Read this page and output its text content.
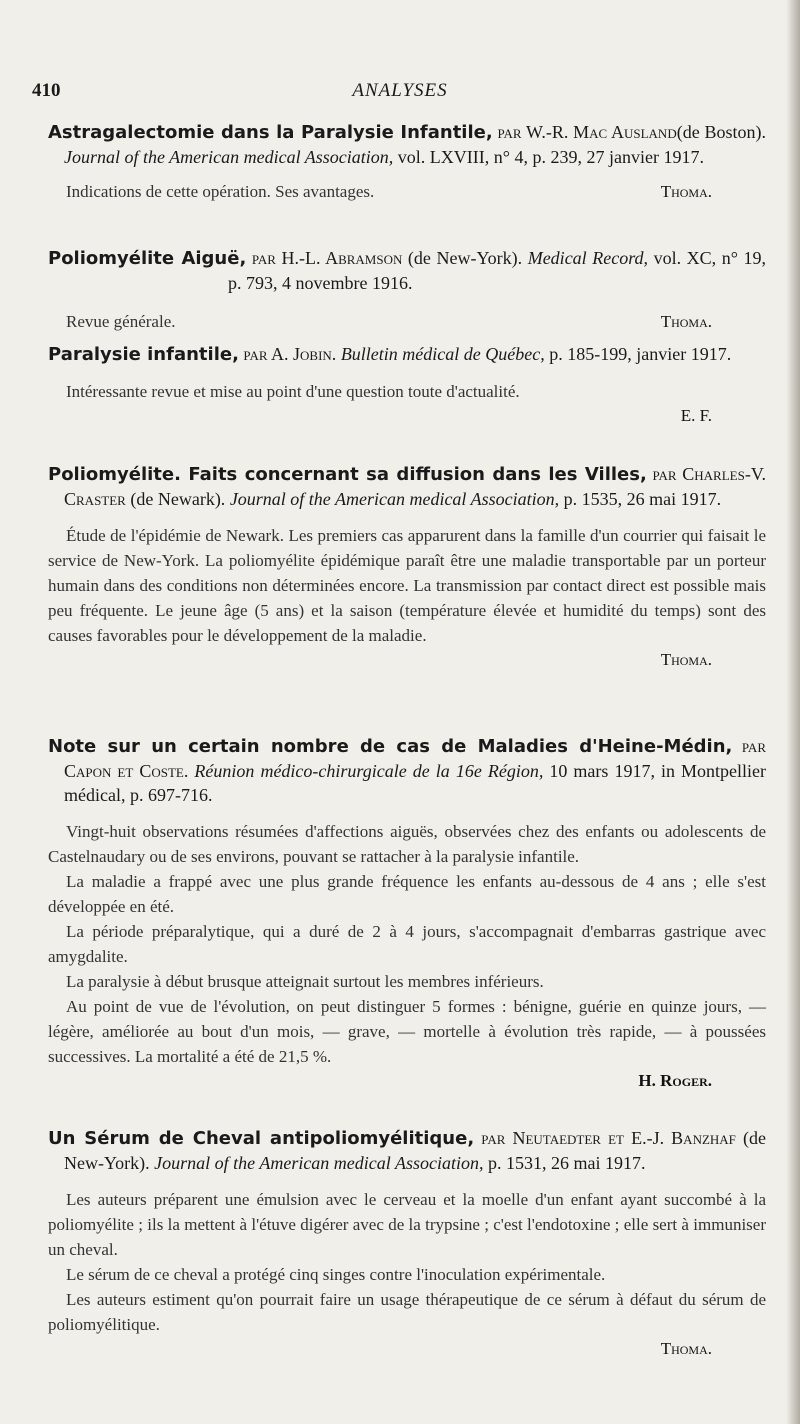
410	ANALYSES
Astragalectomie dans la Paralysie Infantile, par W.-R. Mac Ausland(de Boston). Journal of the American medical Association, vol. LXVIII, n° 4, p. 239, 27 janvier 1917.
Indications de cette opération. Ses avantages.	Thoma.
Poliomyélite Aiguë, par H.-L. Abramson (de New-York). Medical Record, vol. XC, n° 19, p. 793, 4 novembre 1916.
Revue générale.	Thoma.
Paralysie infantile, par A. Jobin. Bulletin médical de Québec, p. 185-199, janvier 1917.

Intéressante revue et mise au point d'une question toute d'actualité.

E. F.
Poliomyélite. Faits concernant sa diffusion dans les Villes, par Charles-V. Craster (de Newark). Journal of the American medical Association, p. 1535, 26 mai 1917.

Étude de l'épidémie de Newark. Les premiers cas apparurent dans la famille d'un courrier qui faisait le service de New-York. La poliomyélite épidémique paraît être une maladie transportable par un porteur humain dans des conditions non déterminées encore. La transmission par contact direct est possible mais peu fréquente. Le jeune âge (5 ans) et la saison (température élevée et humidité du temps) sont des causes favorables pour le développement de la maladie.

Thoma.
Note sur un certain nombre de cas de Maladies d'Heine-Médin, par Capon et Coste. Réunion médico-chirurgicale de la 16e Région, 10 mars 1917, in Montpellier médical, p. 697-716.

Vingt-huit observations résumées d'affections aiguës, observées chez des enfants ou adolescents de Castelnaudary ou de ses environs, pouvant se rattacher à la paralysie infantile.

La maladie a frappé avec une plus grande fréquence les enfants au-dessous de 4 ans ; elle s'est développée en été.

La période préparalytique, qui a duré de 2 à 4 jours, s'accompagnait d'embarras gastrique avec amygdalite.

La paralysie à début brusque atteignait surtout les membres inférieurs.

Au point de vue de l'évolution, on peut distinguer 5 formes : bénigne, guérie en quinze jours, — légère, améliorée au bout d'un mois, — grave, — mortelle à évolution très rapide, — à poussées successives. La mortalité a été de 21,5 %.

H. Roger.
Un Sérum de Cheval antipoliomyélitique, par Neutaedter et E.-J. Banzhaf (de New-York). Journal of the American medical Association, p. 1531, 26 mai 1917.

Les auteurs préparent une émulsion avec le cerveau et la moelle d'un enfant ayant succombé à la poliomyélite ; ils la mettent à l'étuve digérer avec de la trypsine ; c'est l'endotoxine ; elle sert à immuniser un cheval.

Le sérum de ce cheval a protégé cinq singes contre l'inoculation expérimentale.

Les auteurs estiment qu'on pourrait faire un usage thérapeutique de ce sérum à défaut du sérum de poliomyélitique.

Thoma.
